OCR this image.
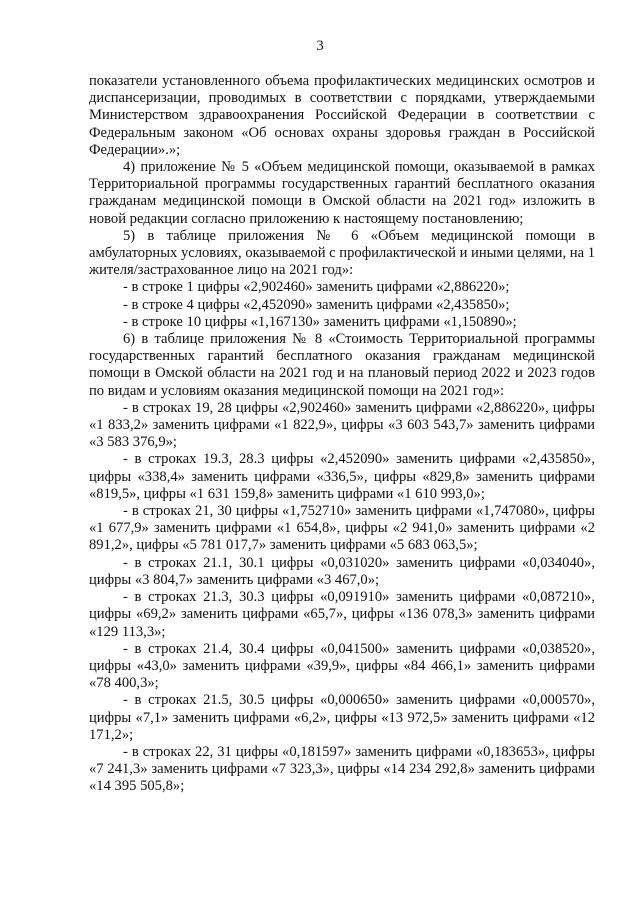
3

показатели установленного объема профилактических медицинских осмотров и диспансеризации, проводимых в соответствии с порядками, утверждаемыми Министерством здравоохранения Российской Федерации в соответствии с Федеральным законом «Об основах охраны здоровья граждан в Российской Федерации».»;

4) приложение № 5 «Объем медицинской помощи, оказываемой в рамках Территориальной программы государственных гарантий бесплатного оказания гражданам медицинской помощи в Омской области на 2021 год» изложить в новой редакции согласно приложению к настоящему постановлению;

5) в таблице приложения № 6 «Объем медицинской помощи в амбулаторных условиях, оказываемой с профилактической и иными целями, на 1 жителя/застрахованное лицо на 2021 год»:

- в строке 1 цифры «2,902460» заменить цифрами «2,886220»;

- в строке 4 цифры «2,452090» заменить цифрами «2,435850»;

- в строке 10 цифры «1,167130» заменить цифрами «1,150890»;

6) в таблице приложения № 8 «Стоимость Территориальной программы государственных гарантий бесплатного оказания гражданам медицинской помощи в Омской области на 2021 год и на плановый период 2022 и 2023 годов по видам и условиям оказания медицинской помощи на 2021 год»:

- в строках 19, 28 цифры «2,902460» заменить цифрами «2,886220», цифры «1 833,2» заменить цифрами «1 822,9», цифры «3 603 543,7» заменить цифрами «3 583 376,9»;

- в строках 19.3, 28.3 цифры «2,452090» заменить цифрами «2,435850», цифры «338,4» заменить цифрами «336,5», цифры «829,8» заменить цифрами «819,5», цифры «1 631 159,8» заменить цифрами «1 610 993,0»;

- в строках 21, 30 цифры «1,752710» заменить цифрами «1,747080», цифры «1 677,9» заменить цифрами «1 654,8», цифры «2 941,0» заменить цифрами «2 891,2», цифры «5 781 017,7» заменить цифрами «5 683 063,5»;

- в строках 21.1, 30.1 цифры «0,031020» заменить цифрами «0,034040», цифры «3 804,7» заменить цифрами «3 467,0»;

- в строках 21.3, 30.3 цифры «0,091910» заменить цифрами «0,087210», цифры «69,2» заменить цифрами «65,7», цифры «136 078,3» заменить цифрами «129 113,3»;

- в строках 21.4, 30.4 цифры «0,041500» заменить цифрами «0,038520», цифры «43,0» заменить цифрами «39,9», цифры «84 466,1» заменить цифрами «78 400,3»;

- в строках 21.5, 30.5 цифры «0,000650» заменить цифрами «0,000570», цифры «7,1» заменить цифрами «6,2», цифры «13 972,5» заменить цифрами «12 171,2»;

- в строках 22, 31 цифры «0,181597» заменить цифрами «0,183653», цифры «7 241,3» заменить цифрами «7 323,3», цифры «14 234 292,8» заменить цифрами «14 395 505,8»;
